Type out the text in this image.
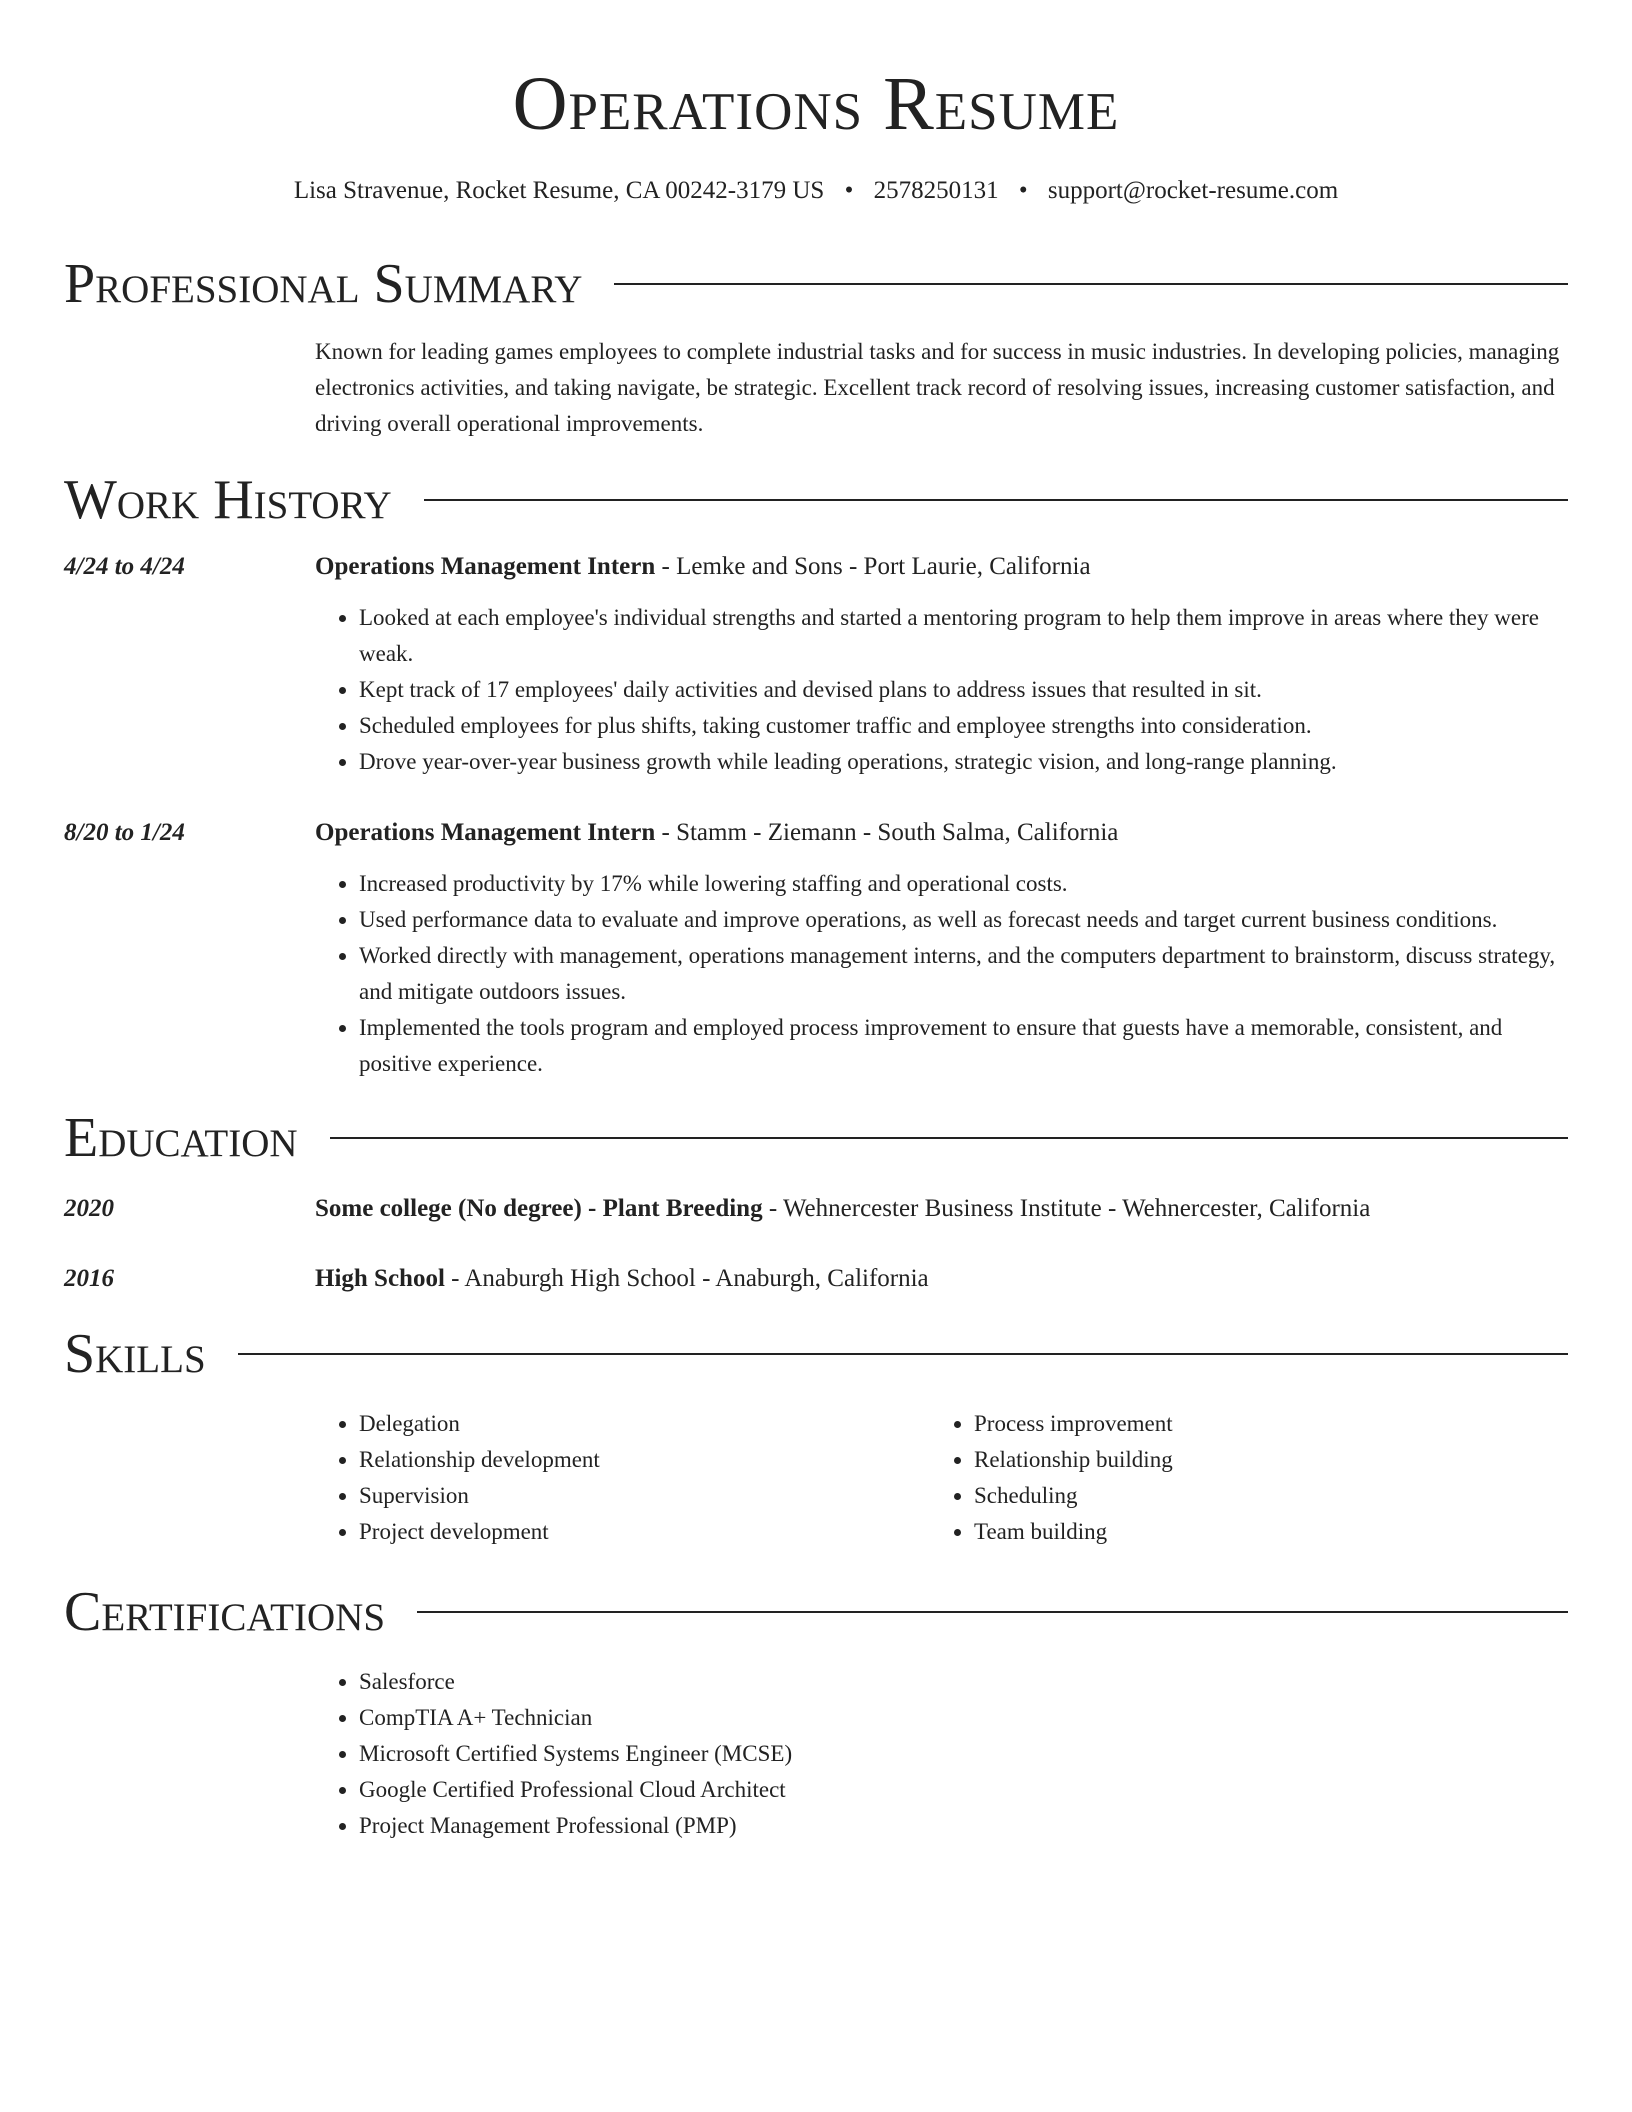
Operations Resume
Lisa Stravenue, Rocket Resume, CA 00242-3179 US • 2578250131 • support@rocket-resume.com
Professional Summary
Known for leading games employees to complete industrial tasks and for success in music industries. In developing policies, managing electronics activities, and taking navigate, be strategic. Excellent track record of resolving issues, increasing customer satisfaction, and driving overall operational improvements.
Work History
4/24 to 4/24	Operations Management Intern - Lemke and Sons - Port Laurie, California
• Looked at each employee's individual strengths and started a mentoring program to help them improve in areas where they were weak.
• Kept track of 17 employees' daily activities and devised plans to address issues that resulted in sit.
• Scheduled employees for plus shifts, taking customer traffic and employee strengths into consideration.
• Drove year-over-year business growth while leading operations, strategic vision, and long-range planning.
8/20 to 1/24	Operations Management Intern - Stamm - Ziemann - South Salma, California
• Increased productivity by 17% while lowering staffing and operational costs.
• Used performance data to evaluate and improve operations, as well as forecast needs and target current business conditions.
• Worked directly with management, operations management interns, and the computers department to brainstorm, discuss strategy, and mitigate outdoors issues.
• Implemented the tools program and employed process improvement to ensure that guests have a memorable, consistent, and positive experience.
Education
2020	Some college (No degree) - Plant Breeding - Wehnercester Business Institute - Wehnercester, California
2016	High School - Anaburgh High School - Anaburgh, California
Skills
• Delegation
• Relationship development
• Supervision
• Project development
• Process improvement
• Relationship building
• Scheduling
• Team building
Certifications
• Salesforce
• CompTIA A+ Technician
• Microsoft Certified Systems Engineer (MCSE)
• Google Certified Professional Cloud Architect
• Project Management Professional (PMP)
